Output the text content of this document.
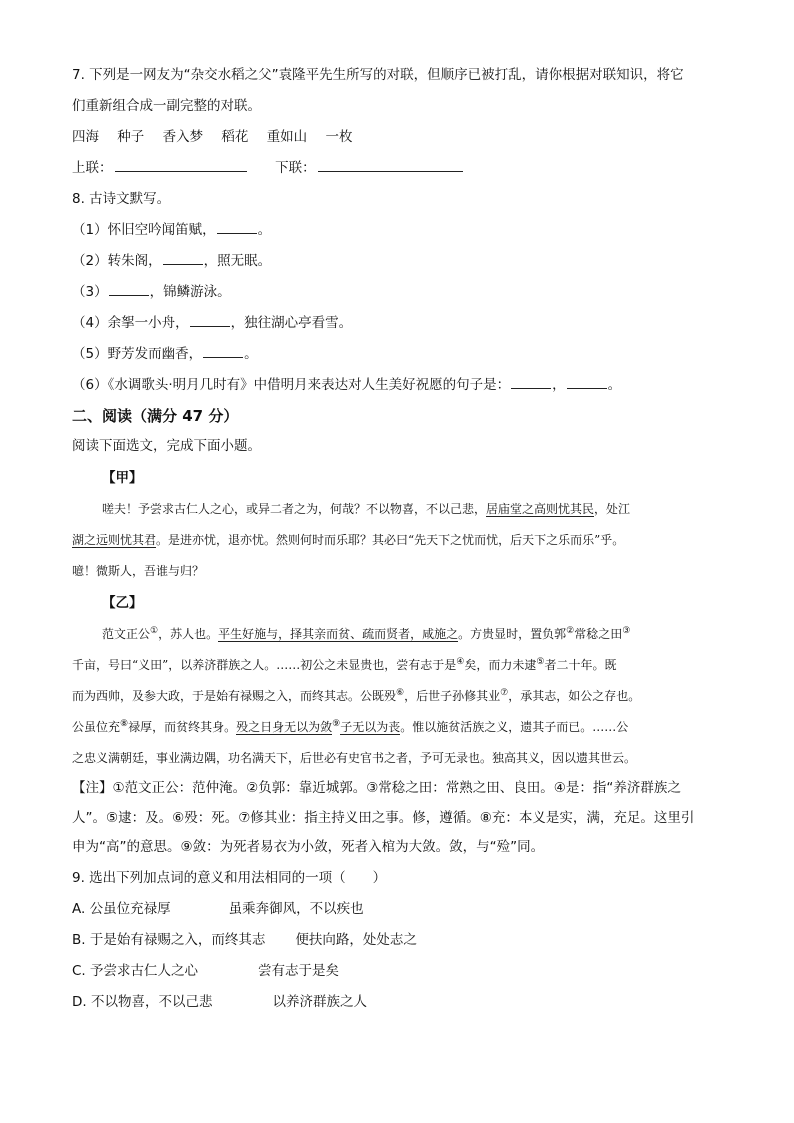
7. 下列是一网友为“杂交水稻之父”袁隆平先生所写的对联，但顺序已被打乱，请你根据对联知识，将它
们重新组合成一副完整的对联。
四海 种子 香入梦 稻花 重如山 一枚
上联：	下联：
8. 古诗文默写。
（1）怀旧空吟闻笛赋，	。
（2）转朱阁，	，照无眠。
（3）	，锦鳞游泳。
（4）余挐一小舟，	，独往湖心亭看雪。
（5）野芳发而幽香，	。
（6）《水调歌头·明月几时有》中借明月来表达对人生美好祝愿的句子是：	，	。
二、阅读（满分 47 分）
阅读下面选文，完成下面小题。
【甲】
嗟夫！予尝求古仁人之心，或异二者之为，何哉？不以物喜，不以己悲，居庙堂之高则忧其民，处江
湖之远则忧其君。是进亦忧，退亦忧。然则何时而乐耶？其必曰“先天下之忧而忧，后天下之乐而乐”乎。
噫！微斯人，吾谁与归？
【乙】
范文正公①，苏人也。平生好施与，择其亲而贫、疏而贤者，咸施之。方贵显时，置负郭②常稔之田③
千亩，号曰“义田”，以养济群族之人。……初公之未显贵也，尝有志于是④矣，而力未逮⑤者二十年。既
而为西帅，及参大政，于是始有禄赐之入，而终其志。公既殁⑥，后世子孙修其业⑦，承其志，如公之存也。
公虽位充⑧禄厚，而贫终其身。殁之日身无以为敛⑨子无以为丧。惟以施贫活族之义，遗其子而已。……公
之忠义满朝廷，事业满边隅，功名满天下，后世必有史官书之者，予可无录也。独高其义，因以遗其世云。
【注】①范文正公：范仲淹。②负郭：靠近城郭。③常稔之田：常熟之田、良田。④是：指“养济群族之
人”。⑤逮：及。⑥殁：死。⑦修其业：指主持义田之事。修，遵循。⑧充：本义是实，满，充足。这里引
申为“高”的意思。⑨敛：为死者易衣为小敛，死者入棺为大敛。敛，与“殓”同。
9. 选出下列加点词的意义和用法相同的一项（　　）
A. 公虽位充禄厚	虽乘奔御风，不以疾也
B. 于是始有禄赐之入，而终其志 便扶向路，处处志之
C. 予尝求古仁人之心	尝有志于是矣
D. 不以物喜，不以己悲	以养济群族之人
